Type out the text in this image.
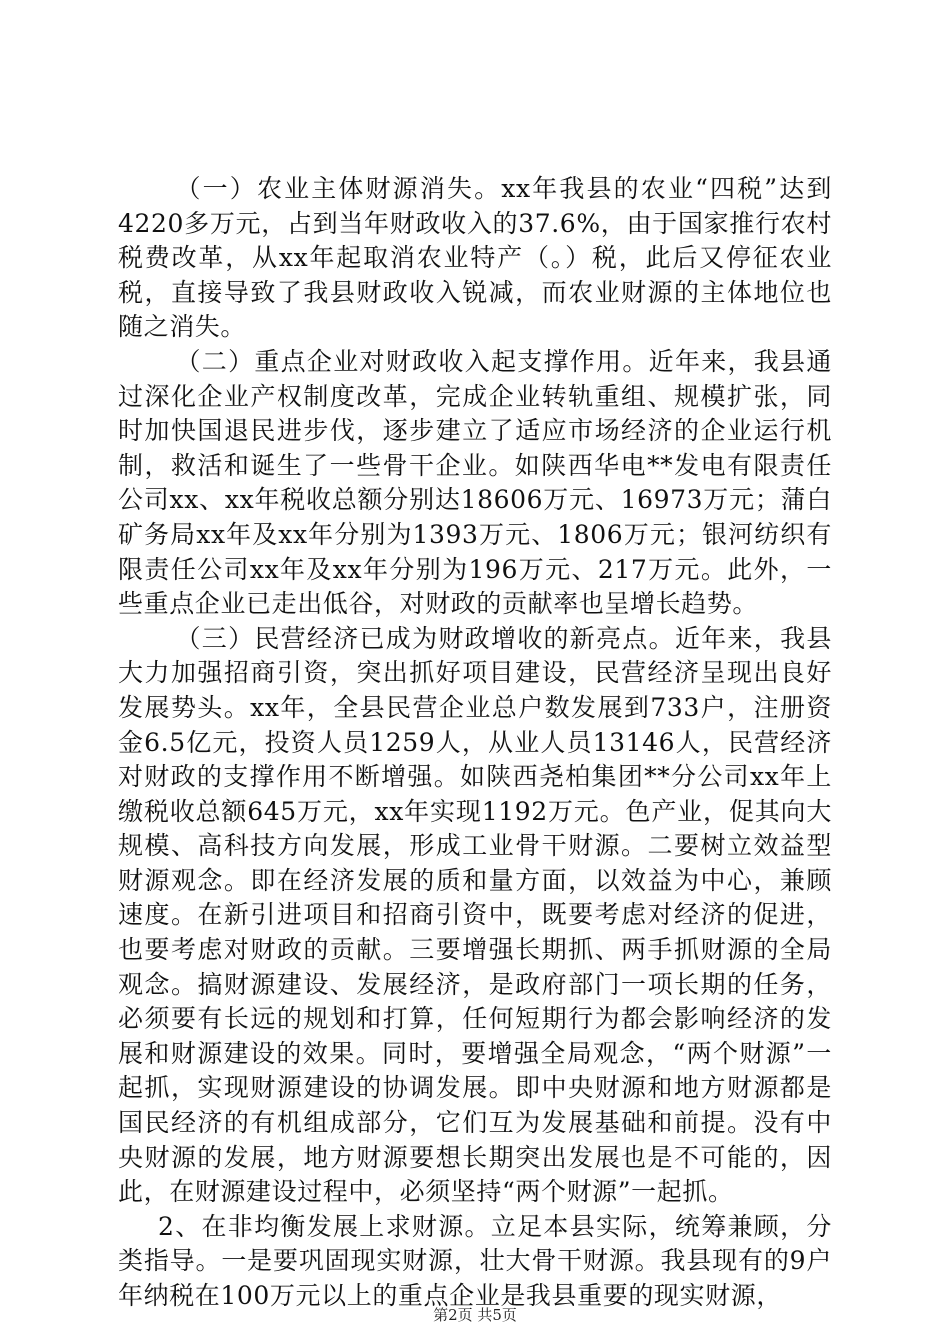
（一）农业主体财源消失。xx年我县的农业“四税”达到4220多万元，占到当年财政收入的37.6%，由于国家推行农村税费改革，从xx年起取消农业特产（。）税，此后又停征农业税，直接导致了我县财政收入锐减，而农业财源的主体地位也随之消失。

（二）重点企业对财政收入起支撑作用。近年来，我县通过深化企业产权制度改革，完成企业转轨重组、规模扩张，同时加快国退民进步伐，逐步建立了适应市场经济的企业运行机制，救活和诞生了一些骨干企业。如陕西华电**发电有限责任公司xx、xx年税收总额分别达18606万元、16973万元；蒲白矿务局xx年及xx年分别为1393万元、1806万元；银河纺织有限责任公司xx年及xx年分别为196万元、217万元。此外，一些重点企业已走出低谷，对财政的贡献率也呈增长趋势。

（三）民营经济已成为财政增收的新亮点。近年来，我县大力加强招商引资，突出抓好项目建设，民营经济呈现出良好发展势头。xx年，全县民营企业总户数发展到733户，注册资金6.5亿元，投资人员1259人，从业人员13146人，民营经济对财政的支撑作用不断增强。如陕西尧柏集团**分公司xx年上缴税收总额645万元，xx年实现1192万元。色产业，促其向大规模、高科技方向发展，形成工业骨干财源。二要树立效益型财源观念。即在经济发展的质和量方面，以效益为中心，兼顾速度。在新引进项目和招商引资中，既要考虑对经济的促进，也要考虑对财政的贡献。三要增强长期抓、两手抓财源的全局观念。搞财源建设、发展经济，是政府部门一项长期的任务，必须要有长远的规划和打算，任何短期行为都会影响经济的发展和财源建设的效果。同时，要增强全局观念，“两个财源”一起抓，实现财源建设的协调发展。即中央财源和地方财源都是国民经济的有机组成部分，它们互为发展基础和前提。没有中央财源的发展，地方财源要想长期突出发展也是不可能的，因此，在财源建设过程中，必须坚持“两个财源”一起抓。

2、在非均衡发展上求财源。立足本县实际，统筹兼顾，分类指导。一是要巩固现实财源，壮大骨干财源。我县现有的9户年纳税在100万元以上的重点企业是我县重要的现实财源，

第2页 共5页
